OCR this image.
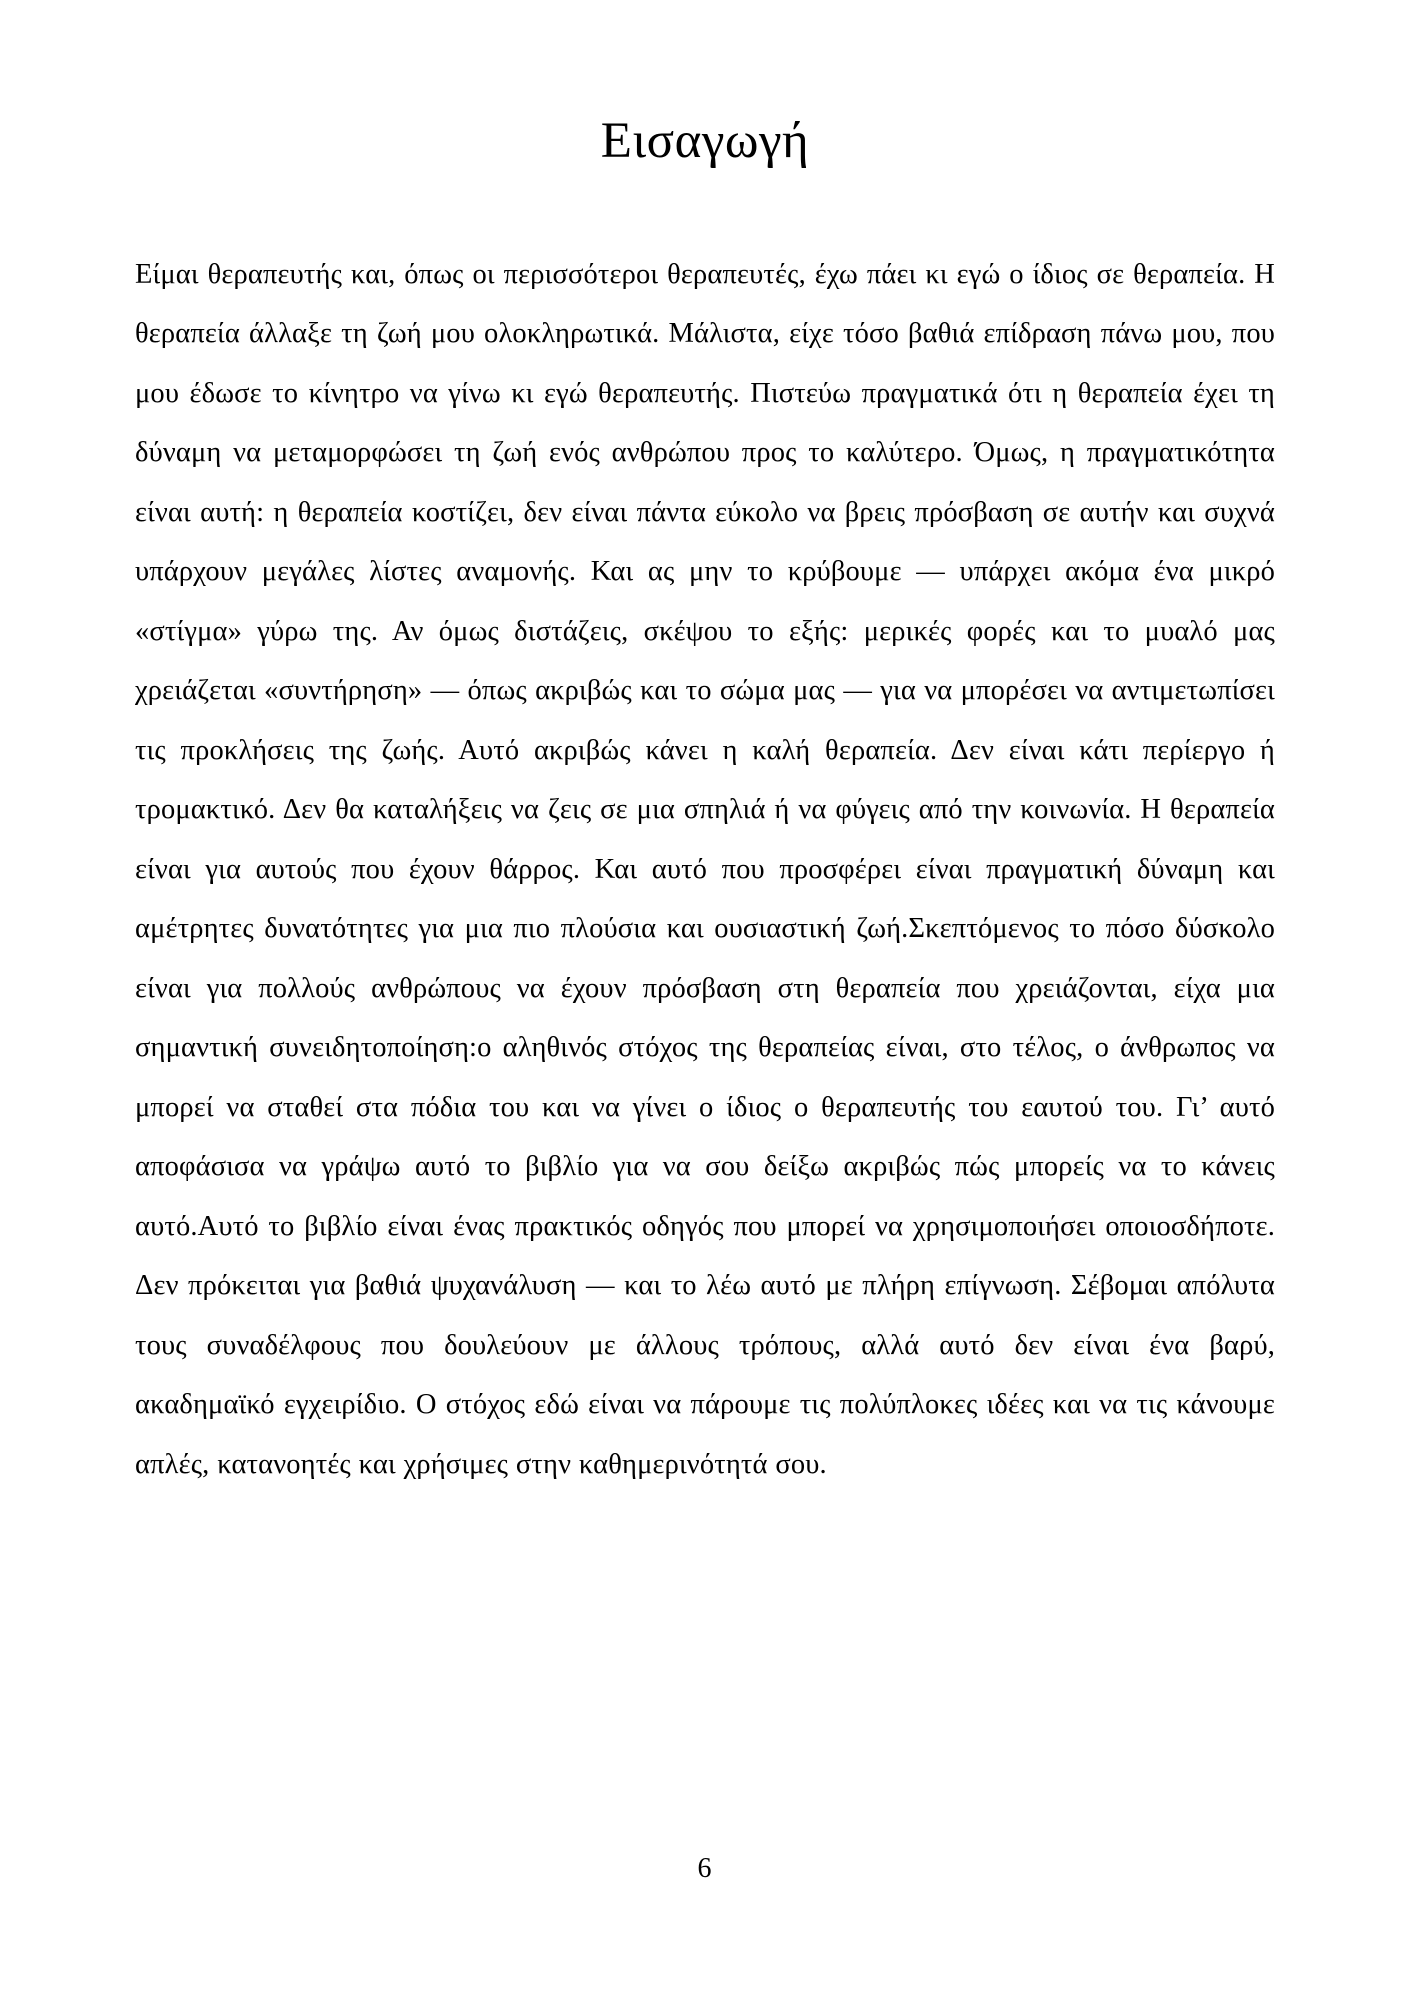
Εισαγωγή

Είμαι θεραπευτής και, όπως οι περισσότεροι θεραπευτές, έχω πάει κι εγώ ο ίδιος σε θεραπεία. Η θεραπεία άλλαξε τη ζωή μου ολοκληρωτικά. Μάλιστα, είχε τόσο βαθιά επίδραση πάνω μου, που μου έδωσε το κίνητρο να γίνω κι εγώ θεραπευτής. Πιστεύω πραγματικά ότι η θεραπεία έχει τη δύναμη να μεταμορφώσει τη ζωή ενός ανθρώπου προς το καλύτερο. Όμως, η πραγματικότητα είναι αυτή: η θεραπεία κοστίζει, δεν είναι πάντα εύκολο να βρεις πρόσβαση σε αυτήν και συχνά υπάρχουν μεγάλες λίστες αναμονής. Και ας μην το κρύβουμε — υπάρχει ακόμα ένα μικρό «στίγμα» γύρω της. Αν όμως διστάζεις, σκέψου το εξής: μερικές φορές και το μυαλό μας χρειάζεται «συντήρηση» — όπως ακριβώς και το σώμα μας — για να μπορέσει να αντιμετωπίσει τις προκλήσεις της ζωής. Αυτό ακριβώς κάνει η καλή θεραπεία. Δεν είναι κάτι περίεργο ή τρομακτικό. Δεν θα καταλήξεις να ζεις σε μια σπηλιά ή να φύγεις από την κοινωνία. Η θεραπεία είναι για αυτούς που έχουν θάρρος. Και αυτό που προσφέρει είναι πραγματική δύναμη και αμέτρητες δυνατότητες για μια πιο πλούσια και ουσιαστική ζωή.Σκεπτόμενος το πόσο δύσκολο είναι για πολλούς ανθρώπους να έχουν πρόσβαση στη θεραπεία που χρειάζονται, είχα μια σημαντική συνειδητοποίηση:ο αληθινός στόχος της θεραπείας είναι, στο τέλος, ο άνθρωπος να μπορεί να σταθεί στα πόδια του και να γίνει ο ίδιος ο θεραπευτής του εαυτού του. Γι’ αυτό αποφάσισα να γράψω αυτό το βιβλίο για να σου δείξω ακριβώς πώς μπορείς να το κάνεις αυτό.Αυτό το βιβλίο είναι ένας πρακτικός οδηγός που μπορεί να χρησιμοποιήσει οποιοσδήποτε. Δεν πρόκειται για βαθιά ψυχανάλυση — και το λέω αυτό με πλήρη επίγνωση. Σέβομαι απόλυτα τους συναδέλφους που δουλεύουν με άλλους τρόπους, αλλά αυτό δεν είναι ένα βαρύ, ακαδημαϊκό εγχειρίδιο. Ο στόχος εδώ είναι να πάρουμε τις πολύπλοκες ιδέες και να τις κάνουμε απλές, κατανοητές και χρήσιμες στην καθημερινότητά σου.

6
